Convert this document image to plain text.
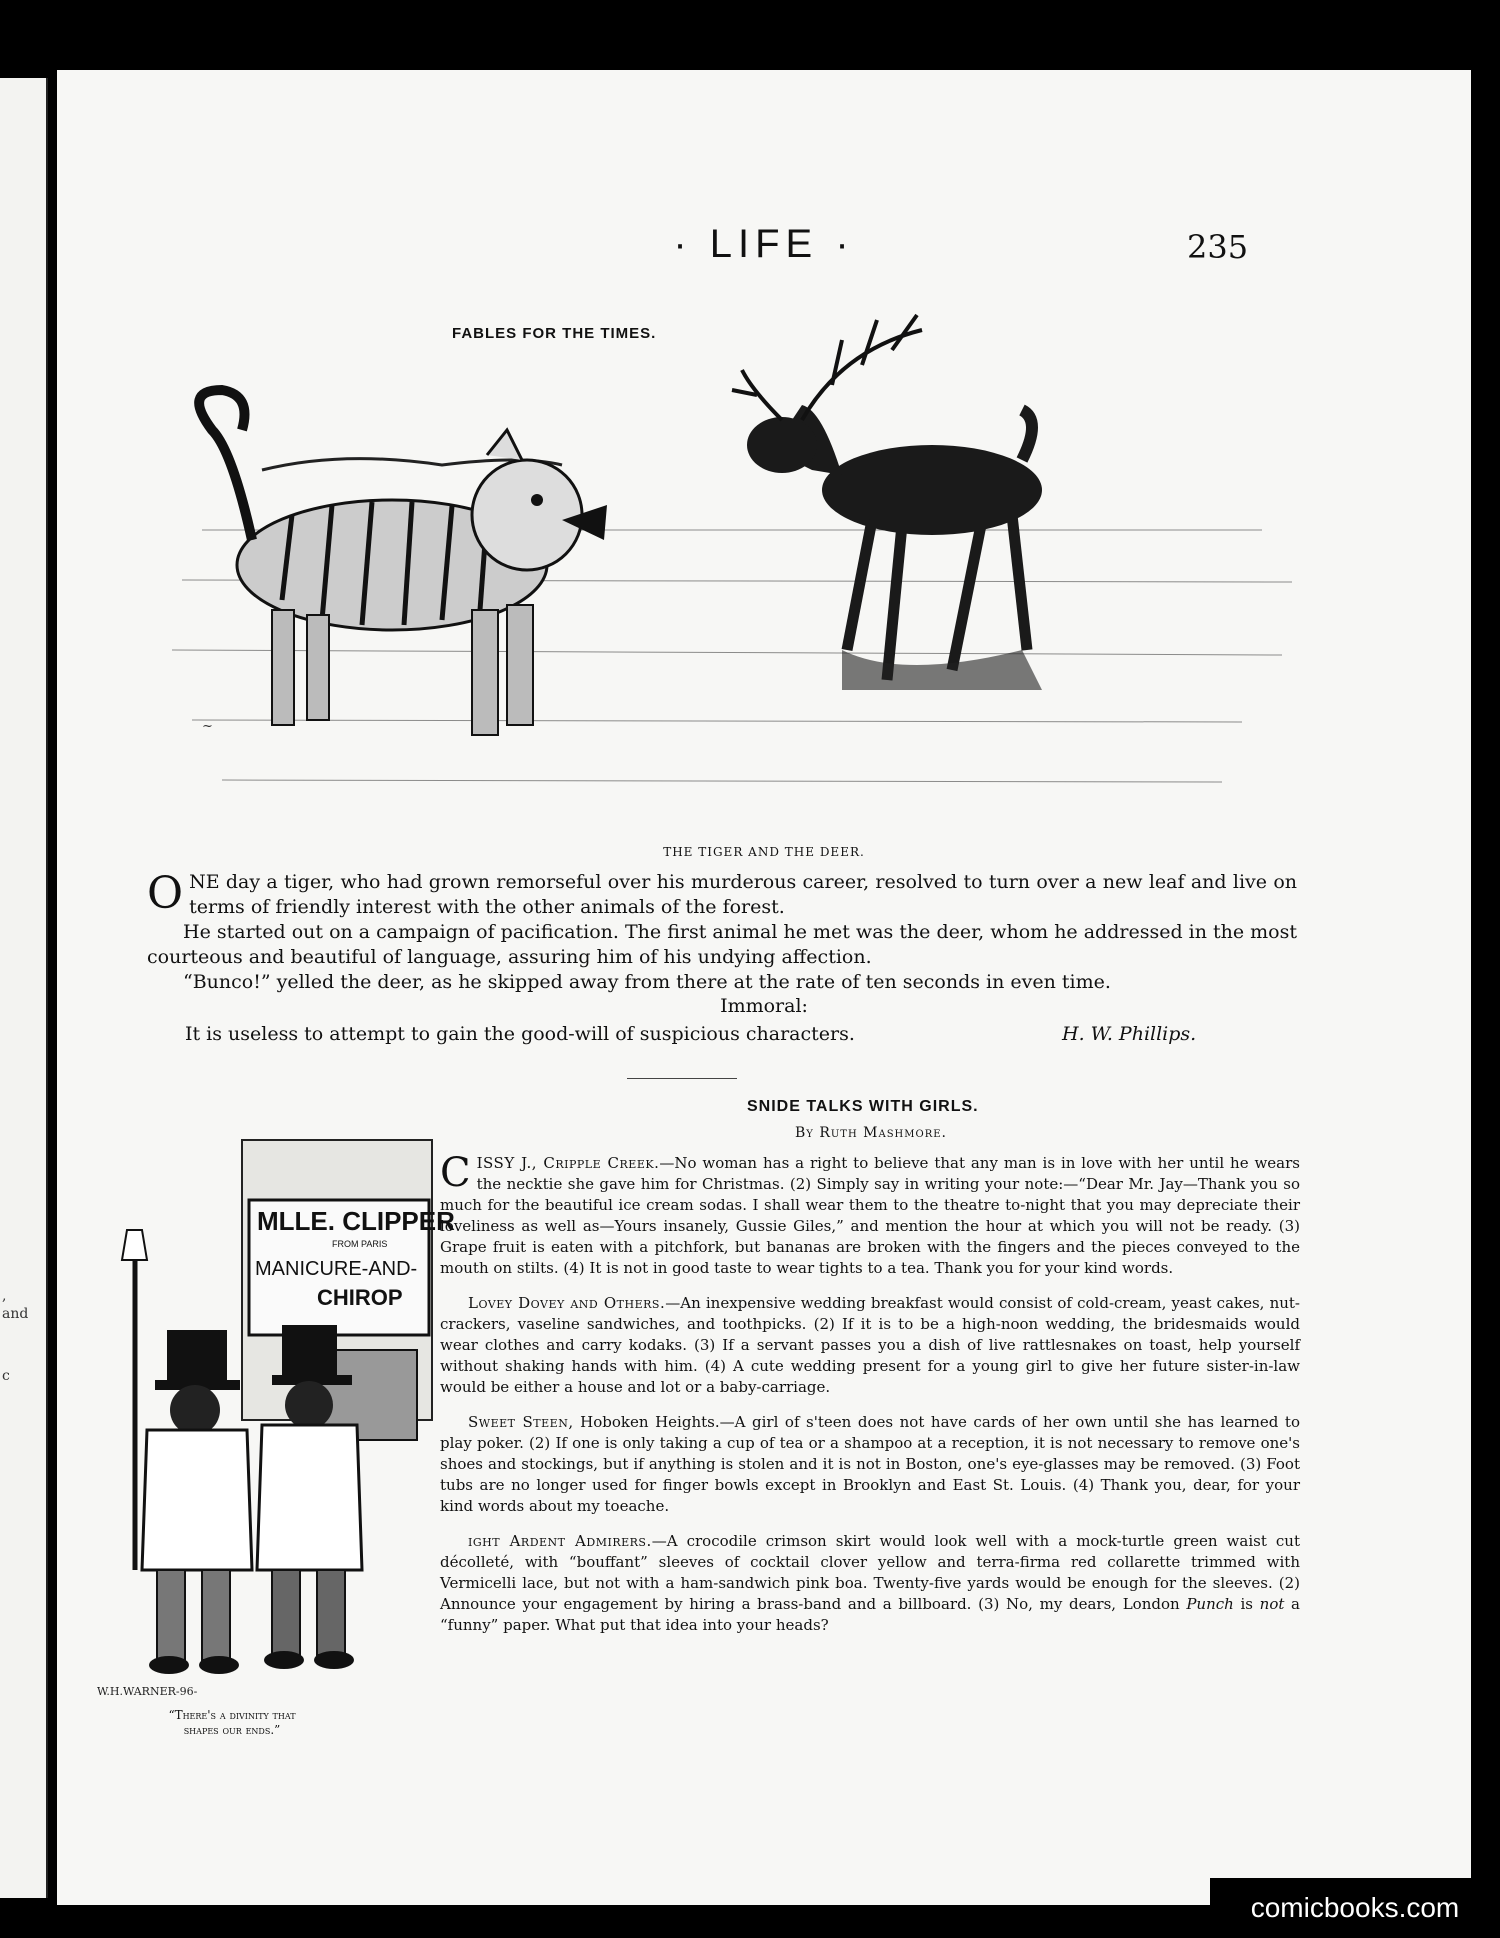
,
and
c
· LIFE ·	235
FABLES FOR THE TIMES.
~
THE TIGER AND THE DEER.

ONE day a tiger, who had grown remorseful over his murderous career, resolved to turn over a new leaf and live on terms of friendly interest with the other animals of the forest.

He started out on a campaign of pacification. The first animal he met was the deer, whom he addressed in the most courteous and beautiful of language, assuring him of his undying affection.

“Bunco!” yelled the deer, as he skipped away from there at the rate of ten seconds in even time.

Immoral:
It is useless to attempt to gain the good-will of suspicious characters.	H. W. Phillips.
SNIDE TALKS WITH GIRLS.
By Ruth Mashmore.
MLLE. CLIPPER
FROM PARIS
MANICURE-AND-
CHIROP
W.H.WARNER-96-
“There's a divinity that
shapes our ends.”

CISSY J., Cripple Creek.—No woman has a right to believe that any man is in love with her until he wears the necktie she gave him for Christmas. (2) Simply say in writing your note:—“Dear Mr. Jay—Thank you so much for the beautiful ice cream sodas. I shall wear them to the theatre to-night that you may depreciate their loveliness as well as—Yours insanely, Gussie Giles,” and mention the hour at which you will not be ready. (3) Grape fruit is eaten with a pitchfork, but bananas are broken with the fingers and the pieces conveyed to the mouth on stilts. (4) It is not in good taste to wear tights to a tea. Thank you for your kind words.

Lovey Dovey and Others.—An inexpensive wedding breakfast would consist of cold-cream, yeast cakes, nut-crackers, vaseline sandwiches, and toothpicks. (2) If it is to be a high-noon wedding, the bridesmaids would wear clothes and carry kodaks. (3) If a servant passes you a dish of live rattlesnakes on toast, help yourself without shaking hands with him. (4) A cute wedding present for a young girl to give her future sister-in-law would be either a house and lot or a baby-carriage.

Sweet Steen, Hoboken Heights.—A girl of s'teen does not have cards of her own until she has learned to play poker. (2) If one is only taking a cup of tea or a shampoo at a reception, it is not necessary to remove one's shoes and stockings, but if anything is stolen and it is not in Boston, one's eye-glasses may be removed. (3) Foot tubs are no longer used for finger bowls except in Brooklyn and East St. Louis. (4) Thank you, dear, for your kind words about my toeache.

ight Ardent Admirers.—A crocodile crimson skirt would look well with a mock-turtle green waist cut décolleté, with “bouffant” sleeves of cocktail clover yellow and terra-firma red collarette trimmed with Vermicelli lace, but not with a ham-sandwich pink boa. Twenty-five yards would be enough for the sleeves. (2) Announce your engagement by hiring a brass-band and a billboard. (3) No, my dears, London Punch is not a “funny” paper. What put that idea into your heads?

comicbooks.com
